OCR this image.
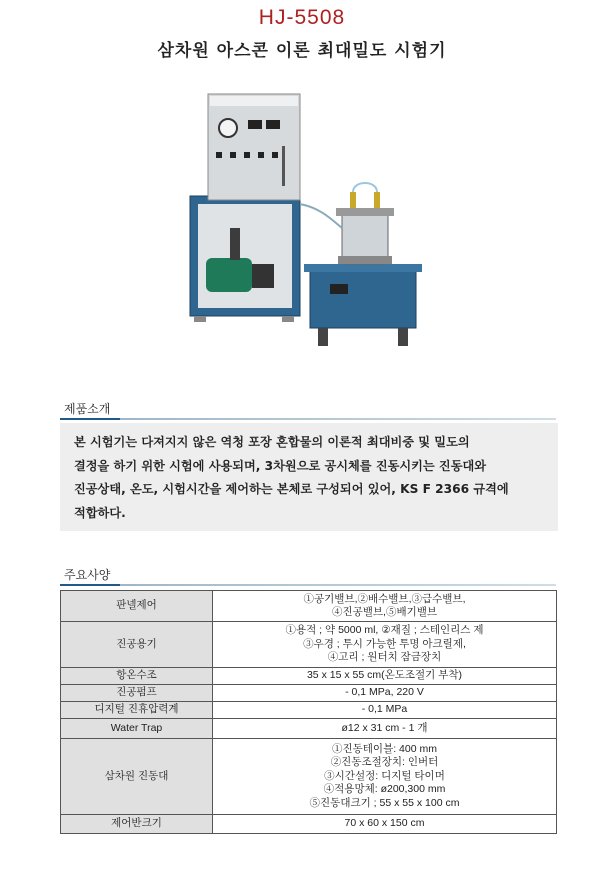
HJ-5508
삼차원 아스콘 이론 최대밀도 시험기
제품소개
본 시험기는 다져지지 않은 역청 포장 혼합물의 이론적 최대비중 및 밀도의
결정을 하기 위한 시험에 사용되며, 3차원으로 공시체를 진동시키는 진동대와
진공상태, 온도, 시험시간을 제어하는 본체로 구성되어 있어, KS F 2366 규격에
적합하다.
주요사양
판넬제어	①공기밸브,②배수밸브,③급수밸브,
④진공밸브,⑤배기밸브

진공용기	①용적 ; 약 5000 ml, ②재질 ; 스테인리스 제
③우경 ; 투시 가능한 투명 아크릴제,
④고리 ; 원터치 잠금장치

항온수조	35 x 15 x 55 cm(온도조절기 부착)

진공펌프	- 0,1 MPa, 220 V

디지털 진휴압력계	- 0,1 MPa

Water Trap	ø12 x 31 cm - 1 개

삼차원 진동대	①진동테이블: 400 mm
②진동조절장치: 인버터
③시간설정: 디지털 타이머
④적용망체: ø200,300 mm
⑤진동대크기 ; 55 x 55 x 100 cm

제어반크기	70 x 60 x 150 cm
